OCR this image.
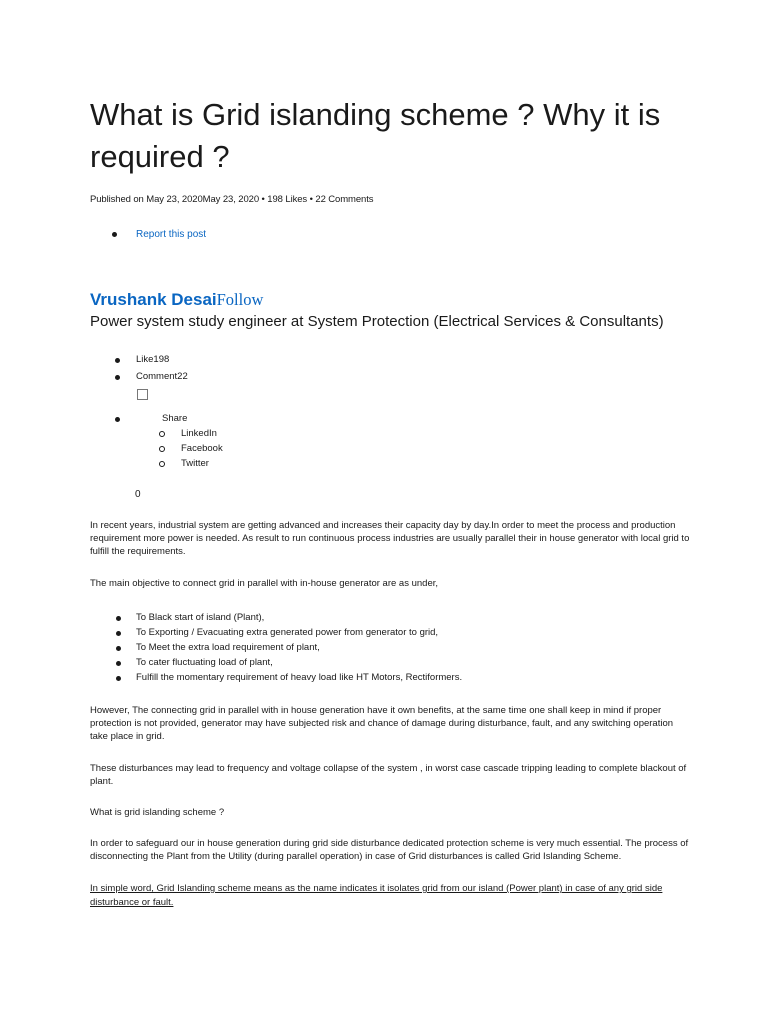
What is Grid islanding scheme ? Why it is required ?
Published on May 23, 2020May 23, 2020 • 198 Likes • 22 Comments
Report this post
Vrushank DesaiFollow
Power system study engineer at System Protection (Electrical Services & Consultants)
Like198
Comment22
Share
LinkedIn
Facebook
Twitter
0

In recent years, industrial system are getting advanced and increases their capacity day by day.In order to meet the process and production requirement more power is needed. As result to run continuous process industries are usually parallel their in house generator with local grid to fulfill the requirements.

The main objective to connect grid in parallel with in-house generator are as under,

To Black start of island (Plant),
To Exporting / Evacuating extra generated power from generator to grid,
To Meet the extra load requirement of plant,
To cater fluctuating load of plant,
Fulfill the momentary requirement of heavy load like HT Motors, Rectiformers.

However, The connecting grid in parallel with in house generation have it own benefits, at the same time one shall keep in mind if proper protection is not provided, generator may have subjected risk and chance of damage during disturbance, fault, and any switching operation take place in grid.

These disturbances may lead to frequency and voltage collapse of the system , in worst case cascade tripping leading to complete blackout of plant.

What is grid islanding scheme ?

In order to safeguard our in house generation during grid side disturbance dedicated protection scheme is very much essential. The process of disconnecting the Plant from the Utility (during parallel operation) in case of Grid disturbances is called Grid Islanding Scheme.

In simple word, Grid Islanding scheme means as the name indicates it isolates grid from our island (Power plant) in case of any grid side disturbance or fault.
